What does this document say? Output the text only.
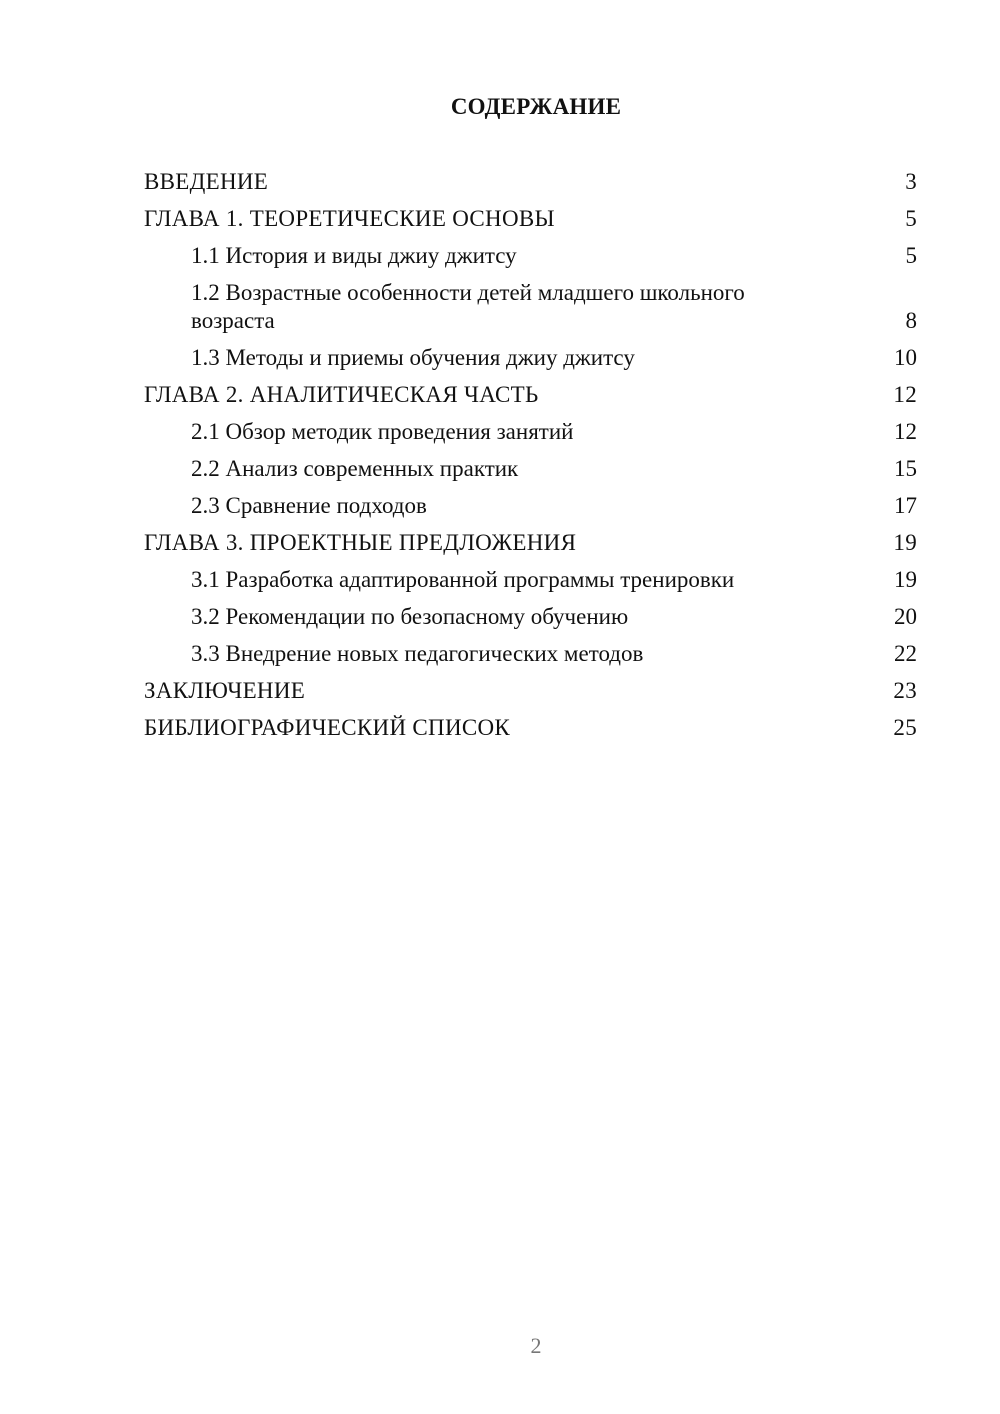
СОДЕРЖАНИЕ
ВВЕДЕНИЕ	3
ГЛАВА 1. ТЕОРЕТИЧЕСКИЕ ОСНОВЫ	5
1.1 История и виды джиу джитсу	5
1.2 Возрастные особенности детей младшего школьного возраста	8
1.3 Методы и приемы обучения джиу джитсу	10
ГЛАВА 2. АНАЛИТИЧЕСКАЯ ЧАСТЬ	12
2.1 Обзор методик проведения занятий	12
2.2 Анализ современных практик	15
2.3 Сравнение подходов	17
ГЛАВА 3. ПРОЕКТНЫЕ ПРЕДЛОЖЕНИЯ	19
3.1 Разработка адаптированной программы тренировки	19
3.2 Рекомендации по безопасному обучению	20
3.3 Внедрение новых педагогических методов	22
ЗАКЛЮЧЕНИЕ	23
БИБЛИОГРАФИЧЕСКИЙ СПИСОК	25
2
